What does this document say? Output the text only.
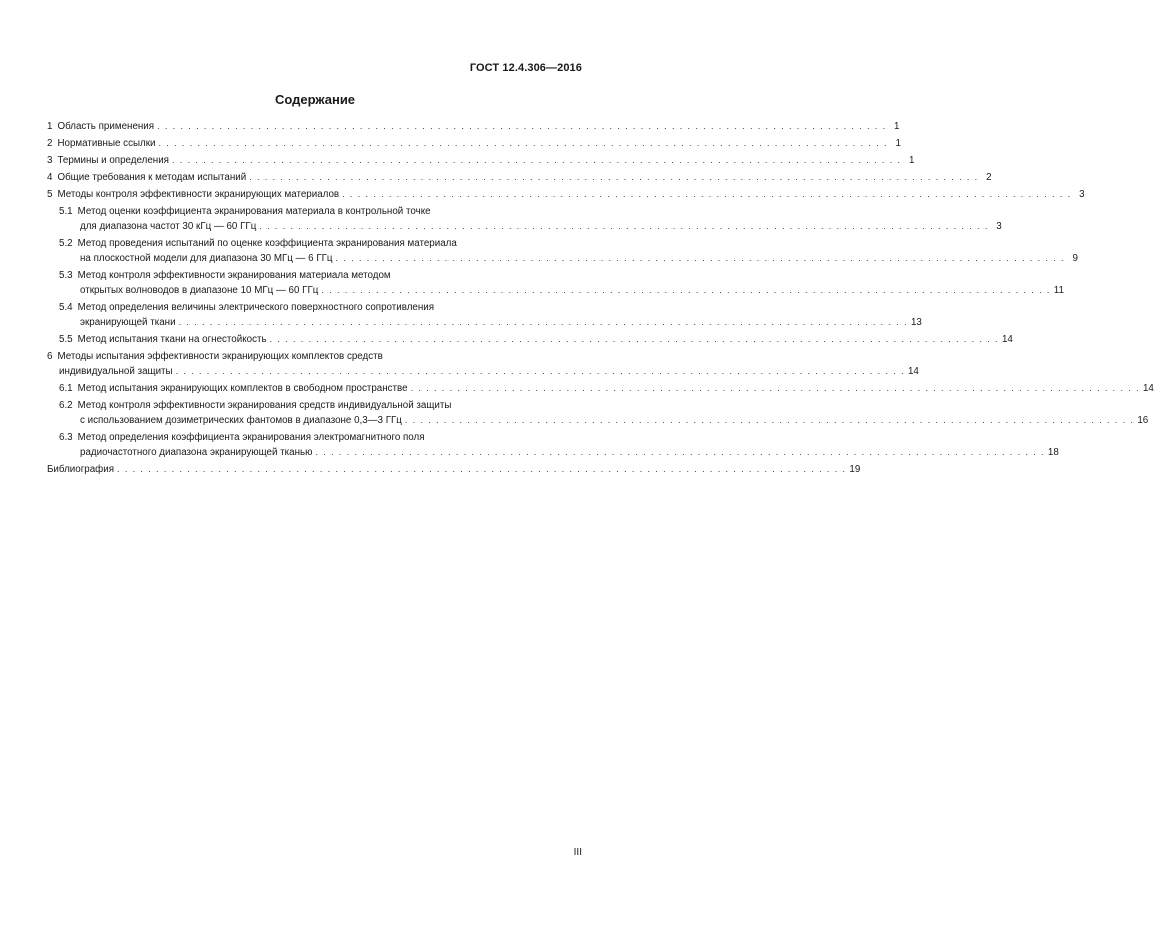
ГОСТ 12.4.306—2016
Содержание
1 Область применения . . . . . . . . . . . . . . . . . . . . . . . . . . . . . . . . . . . . . . . . . . . . . . . . . . . . . . . . . . . . . . . . . . . . . . . . . . . . . . . . . . . . . . . . . . . . . . 1
2 Нормативные ссылки . . . . . . . . . . . . . . . . . . . . . . . . . . . . . . . . . . . . . . . . . . . . . . . . . . . . . . . . . . . . . . . . . . . . . . . . . . . . . . . . . . . . . . . . . . . . . . 1
3 Термины и определения . . . . . . . . . . . . . . . . . . . . . . . . . . . . . . . . . . . . . . . . . . . . . . . . . . . . . . . . . . . . . . . . . . . . . . . . . . . . . . . . . . . . . . . . . . . . . . 1
4 Общие требования к методам испытаний . . . . . . . . . . . . . . . . . . . . . . . . . . . . . . . . . . . . . . . . . . . . . . . . . . . . . . . . . . . . . . . . . . . . . . . . . . . . . . . . . . . . . . . . . . . . . . 2
5 Методы контроля эффективности экранирующих материалов . . . . . . . . . . . . . . . . . . . . . . . . . . . . . . . . . . . . . . . . . . . . . . . . . . . . . . . . . . . . . . . . . . . . . . . . . . . . . . . . . . . . . . . . . . . . . . 3
5.1 Метод оценки коэффициента экранирования материала в контрольной точке
для диапазона частот 30 кГц — 60 ГГц . . . . . . . . . . . . . . . . . . . . . . . . . . . . . . . . . . . . . . . . . . . . . . . . . . . . . . . . . . . . . . . . . . . . . . . . . . . . . . . . . . . . . . . . . . . . . . 3
5.2 Метод проведения испытаний по оценке коэффициента экранирования материала
на плоскостной модели для диапазона 30 МГц — 6 ГГц . . . . . . . . . . . . . . . . . . . . . . . . . . . . . . . . . . . . . . . . . . . . . . . . . . . . . . . . . . . . . . . . . . . . . . . . . . . . . . . . . . . . . . . . . . . . . . 9
5.3 Метод контроля эффективности экранирования материала методом
открытых волноводов в диапазоне 10 МГц — 60 ГГц . . . . . . . . . . . . . . . . . . . . . . . . . . . . . . . . . . . . . . . . . . . . . . . . . . . . . . . . . . . . . . . . . . . . . . . . . . . . . . . . . . . . . . . . . . . . . . 11
5.4 Метод определения величины электрического поверхностного сопротивления
экранирующей ткани . . . . . . . . . . . . . . . . . . . . . . . . . . . . . . . . . . . . . . . . . . . . . . . . . . . . . . . . . . . . . . . . . . . . . . . . . . . . . . . . . . . . . . . . . . . . . . 13
5.5 Метод испытания ткани на огнестойкость . . . . . . . . . . . . . . . . . . . . . . . . . . . . . . . . . . . . . . . . . . . . . . . . . . . . . . . . . . . . . . . . . . . . . . . . . . . . . . . . . . . . . . . . . . . . . . 14
6 Методы испытания эффективности экранирующих комплектов средств
индивидуальной защиты . . . . . . . . . . . . . . . . . . . . . . . . . . . . . . . . . . . . . . . . . . . . . . . . . . . . . . . . . . . . . . . . . . . . . . . . . . . . . . . . . . . . . . . . . . . . . . 14
6.1 Метод испытания экранирующих комплектов в свободном пространстве . . . . . . . . . . . . . . . . . . . . . . . . . . . . . . . . . . . . . . . . . . . . . . . . . . . . . . . . . . . . . . . . . . . . . . . . . . . . . . . . . . . . . . . . . . . . . . 14
6.2 Метод контроля эффективности экранирования средств индивидуальной защиты
с использованием дозиметрических фантомов в диапазоне 0,3—3 ГГц . . . . . . . . . . . . . . . . . . . . . . . . . . . . . . . . . . . . . . . . . . . . . . . . . . . . . . . . . . . . . . . . . . . . . . . . . . . . . . . . . . . . . . . . . . . . . . 16
6.3 Метод определения коэффициента экранирования электромагнитного поля
радиочастотного диапазона экранирующей тканью . . . . . . . . . . . . . . . . . . . . . . . . . . . . . . . . . . . . . . . . . . . . . . . . . . . . . . . . . . . . . . . . . . . . . . . . . . . . . . . . . . . . . . . . . . . . . . 18
Библиография . . . . . . . . . . . . . . . . . . . . . . . . . . . . . . . . . . . . . . . . . . . . . . . . . . . . . . . . . . . . . . . . . . . . . . . . . . . . . . . . . . . . . . . . . . . . . . 19
III
